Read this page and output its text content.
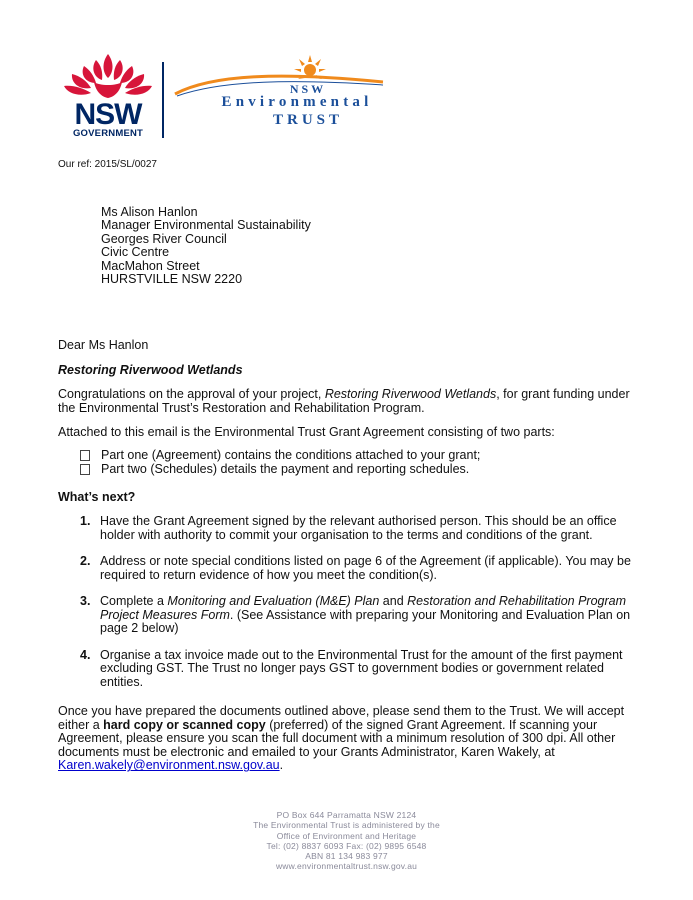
NSW
GOVERNMENT
NSW
Environmental
TRUST
Our ref: 2015/SL/0027
Ms Alison Hanlon
Manager Environmental Sustainability
Georges River Council
Civic Centre
MacMahon Street
HURSTVILLE NSW 2220
Dear Ms Hanlon
Restoring Riverwood Wetlands
Congratulations on the approval of your project, Restoring Riverwood Wetlands, for grant funding under the Environmental Trust’s Restoration and Rehabilitation Program.
Attached to this email is the Environmental Trust Grant Agreement consisting of two parts:
Part one (Agreement) contains the conditions attached to your grant;
Part two (Schedules) details the payment and reporting schedules.
What’s next?
1. Have the Grant Agreement signed by the relevant authorised person. This should be an office holder with authority to commit your organisation to the terms and conditions of the grant.
2. Address or note special conditions listed on page 6 of the Agreement (if applicable). You may be required to return evidence of how you meet the condition(s).
3. Complete a Monitoring and Evaluation (M&E) Plan and Restoration and Rehabilitation Program Project Measures Form. (See Assistance with preparing your Monitoring and Evaluation Plan on page 2 below)
4. Organise a tax invoice made out to the Environmental Trust for the amount of the first payment excluding GST. The Trust no longer pays GST to government bodies or government related entities.
Once you have prepared the documents outlined above, please send them to the Trust. We will accept either a hard copy or scanned copy (preferred) of the signed Grant Agreement. If scanning your Agreement, please ensure you scan the full document with a minimum resolution of 300 dpi. All other documents must be electronic and emailed to your Grants Administrator, Karen Wakely, at Karen.wakely@environment.nsw.gov.au.
PO Box 644 Parramatta NSW 2124
The Environmental Trust is administered by the
Office of Environment and Heritage
Tel: (02) 8837 6093 Fax: (02) 9895 6548
ABN 81 134 983 977
www.environmentaltrust.nsw.gov.au
